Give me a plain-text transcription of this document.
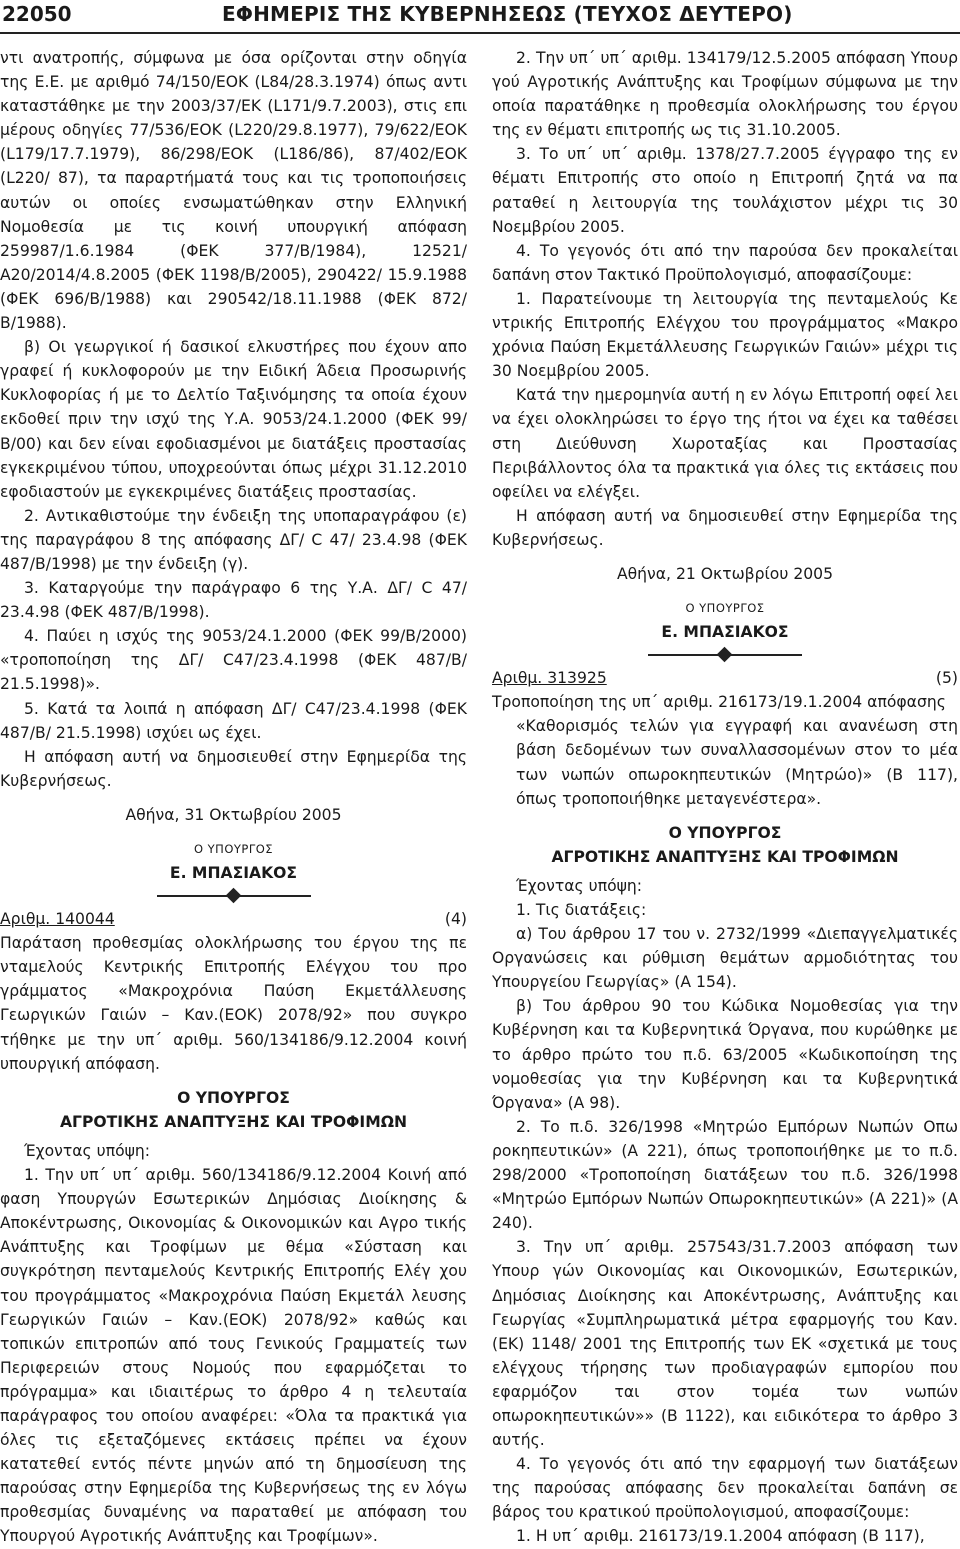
22050	ΕΦΗΜΕΡΙΣ ΤΗΣ ΚΥΒΕΡΝΗΣΕΩΣ (ΤΕΥΧΟΣ ΔΕΥΤΕΡΟ)

ντι ανατροπής, σύμφωνα με όσα ορίζονται στην οδηγία της Ε.Ε. με αριθμό 74/150/ΕΟΚ (L84/28.3.1974) όπως αντι καταστάθηκε με την 2003/37/ΕΚ (L171/9.7.2003), στις επι μέρους οδηγίες 77/536/ΕΟΚ (L220/29.8.1977), 79/622/ΕΟΚ (L179/17.7.1979), 86/298/ΕΟΚ (L186/86), 87/402/ΕΟΚ (L220/ 87), τα παραρτήματά τους και τις τροποποιήσεις αυτών οι οποίες ενσωματώθηκαν στην Ελληνική Νομοθεσία με τις κοινή υπουργική απόφαση 259987/1.6.1984 (ΦΕΚ 377/Β/1984), 12521/Α20/2014/4.8.2005 (ΦΕΚ 1198/Β/2005), 290422/ 15.9.1988 (ΦΕΚ 696/Β/1988) και 290542/18.11.1988 (ΦΕΚ 872/Β/1988).

β) Οι γεωργικοί ή δασικοί ελκυστήρες που έχουν απο γραφεί ή κυκλοφορούν με την Ειδική Άδεια Προσωρινής Κυκλοφορίας ή με το Δελτίο Ταξινόμησης τα οποία έχουν εκδοθεί πριν την ισχύ της Υ.Α. 9053/24.1.2000 (ΦΕΚ 99/Β/00) και δεν είναι εφοδιασμένοι με διατάξεις προστασίας εγκεκριμένου τύπου, υποχρεούνται όπως μέχρι 31.12.2010 εφοδιαστούν με εγκεκριμένες διατάξεις προστασίας.

2. Αντικαθιστούμε την ένδειξη της υποπαραγράφου (ε) της παραγράφου 8 της απόφασης ΔΓ/ C 47/ 23.4.98 (ΦΕΚ 487/Β/1998) με την ένδειξη (γ).

3. Καταργούμε την παράγραφο 6 της Υ.Α. ΔΓ/ C 47/ 23.4.98 (ΦΕΚ 487/Β/1998).

4. Παύει η ισχύς της 9053/24.1.2000 (ΦΕΚ 99/Β/2000) «τροποποίηση της ΔΓ/ C47/23.4.1998 (ΦΕΚ 487/Β/ 21.5.1998)».

5. Κατά τα λοιπά η απόφαση ΔΓ/ C47/23.4.1998 (ΦΕΚ 487/Β/ 21.5.1998) ισχύει ως έχει.

Η απόφαση αυτή να δημοσιευθεί στην Εφημερίδα της Κυβερνήσεως.

Αθήνα, 31 Οκτωβρίου 2005

Ο ΥΠΟΥΡΓΟΣ

Ε. ΜΠΑΣΙΑΚΟΣ

Αριθμ. 140044	(4)

Παράταση προθεσμίας ολοκλήρωσης του έργου της πε νταμελούς Κεντρικής Επιτροπής Ελέγχου του προ γράμματος «Μακροχρόνια Παύση Εκμετάλλευσης Γεωργικών Γαιών – Καν.(ΕΟΚ) 2078/92» που συγκρο τήθηκε με την υπ΄ αριθμ. 560/134186/9.12.2004 κοινή υπουργική απόφαση.

Ο ΥΠΟΥΡΓΟΣ

ΑΓΡΟΤΙΚΗΣ ΑΝΑΠΤΥΞΗΣ ΚΑΙ ΤΡΟΦΙΜΩΝ

Έχοντας υπόψη:

1. Την υπ΄ υπ΄ αριθμ. 560/134186/9.12.2004 Κοινή από φαση Υπουργών Εσωτερικών Δημόσιας Διοίκησης & Αποκέντρωσης, Οικονομίας & Οικονομικών και Αγρο τικής Ανάπτυξης και Τροφίμων με θέμα «Σύσταση και συγκρότηση πενταμελούς Κεντρικής Επιτροπής Ελέγ χου του προγράμματος «Μακροχρόνια Παύση Εκμετάλ λευσης Γεωργικών Γαιών – Καν.(ΕΟΚ) 2078/92» καθώς και τοπικών επιτροπών από τους Γενικούς Γραμματείς των Περιφερειών στους Νομούς που εφαρμόζεται το πρόγραμμα» και ιδιαιτέρως το άρθρο 4 η τελευταία παράγραφος του οποίου αναφέρει: «Όλα τα πρακτικά για όλες τις εξεταζόμενες εκτάσεις πρέπει να έχουν κατατεθεί εντός πέντε μηνών από τη δημοσίευση της παρούσας στην Εφημερίδα της Κυβερνήσεως της εν λόγω προθεσμίας δυναμένης να παραταθεί με απόφαση του Υπουργού Αγροτικής Ανάπτυξης και Τροφίμων».

2. Την υπ΄ υπ΄ αριθμ. 134179/12.5.2005 απόφαση Υπουρ γού Αγροτικής Ανάπτυξης και Τροφίμων σύμφωνα με την οποία παρατάθηκε η προθεσμία ολοκλήρωσης του έργου της εν θέματι επιτροπής ως τις 31.10.2005.

3. Το υπ΄ υπ΄ αριθμ. 1378/27.7.2005 έγγραφο της εν θέματι Επιτροπής στο οποίο η Επιτροπή ζητά να πα ραταθεί η λειτουργία της τουλάχιστον μέχρι τις 30 Νοεμβρίου 2005.

4. Το γεγονός ότι από την παρούσα δεν προκαλείται δαπάνη στον Τακτικό Προϋπολογισμό, αποφασίζουμε:

1. Παρατείνουμε τη λειτουργία της πενταμελούς Κε ντρικής Επιτροπής Ελέγχου του προγράμματος «Μακρο χρόνια Παύση Εκμετάλλευσης Γεωργικών Γαιών» μέχρι τις 30 Νοεμβρίου 2005.

Κατά την ημερομηνία αυτή η εν λόγω Επιτροπή οφεί λει να έχει ολοκληρώσει το έργο της ήτοι να έχει κα ταθέσει στη Διεύθυνση Χωροταξίας και Προστασίας Περιβάλλοντος όλα τα πρακτικά για όλες τις εκτάσεις που οφείλει να ελέγξει.

Η απόφαση αυτή να δημοσιευθεί στην Εφημερίδα της Κυβερνήσεως.

Αθήνα, 21 Οκτωβρίου 2005

Ο ΥΠΟΥΡΓΟΣ

Ε. ΜΠΑΣΙΑΚΟΣ

Αριθμ. 313925	(5)

Τροποποίηση της υπ΄ αριθμ. 216173/19.1.2004 απόφασης

«Καθορισμός τελών για εγγραφή και ανανέωση στη βάση δεδομένων των συναλλασσομένων στον το μέα των νωπών οπωροκηπευτικών (Μητρώο)» (Β 117), όπως τροποποιήθηκε μεταγενέστερα».

Ο ΥΠΟΥΡΓΟΣ

ΑΓΡΟΤΙΚΗΣ ΑΝΑΠΤΥΞΗΣ ΚΑΙ ΤΡΟΦΙΜΩΝ

Έχοντας υπόψη:

1. Τις διατάξεις:

α) Του άρθρου 17 του ν. 2732/1999 «Διεπαγγελματικές Οργανώσεις και ρύθμιση θεμάτων αρμοδιότητας του Υπουργείου Γεωργίας» (Α 154).

β) Του άρθρου 90 του Κώδικα Νομοθεσίας για την Κυβέρνηση και τα Κυβερνητικά Όργανα, που κυρώθηκε με το άρθρο πρώτο του π.δ. 63/2005 «Κωδικοποίηση της νομοθεσίας για την Κυβέρνηση και τα Κυβερνητικά Όργανα» (Α 98).

2. Το π.δ. 326/1998 «Μητρώο Εμπόρων Νωπών Οπω ροκηπευτικών» (Α 221), όπως τροποποιήθηκε με το π.δ. 298/2000 «Τροποποίηση διατάξεων του π.δ. 326/1998 «Μητρώο Εμπόρων Νωπών Οπωροκηπευτικών» (Α 221)» (Α 240).

3. Την υπ΄ αριθμ. 257543/31.7.2003 απόφαση των Υπουρ γών Οικονομίας και Οικονομικών, Εσωτερικών, Δημόσιας Διοίκησης και Αποκέντρωσης, Ανάπτυξης και Γεωργίας «Συμπληρωματικά μέτρα εφαρμογής του Καν. (ΕΚ) 1148/ 2001 της Επιτροπής των ΕΚ «σχετικά με τους ελέγχους τήρησης των προδιαγραφών εμπορίου που εφαρμόζον ται στον τομέα των νωπών οπωροκηπευτικών»» (Β 1122), και ειδικότερα το άρθρο 3 αυτής.

4. Το γεγονός ότι από την εφαρμογή των διατάξεων της παρούσας απόφασης δεν προκαλείται δαπάνη σε βάρος του κρατικού προϋπολογισμού, αποφασίζουμε:

1. Η υπ΄ αριθμ. 216173/19.1.2004 απόφαση (Β 117),
